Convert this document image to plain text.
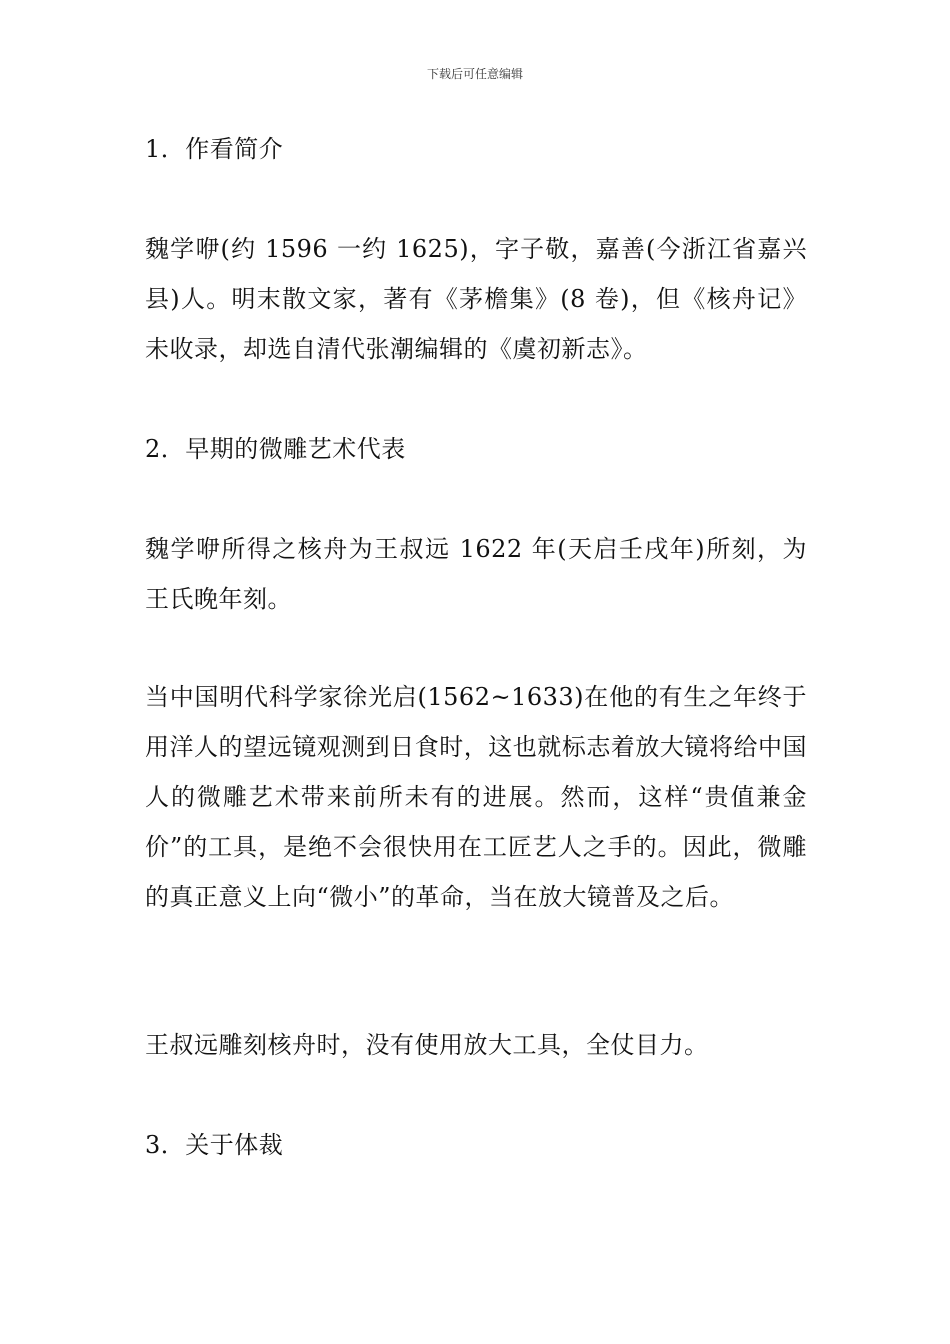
下载后可任意编辑

1．作看简介

魏学咿(约 1596 一约 1625)，字子敬，嘉善(今浙江省嘉兴县)人。明末散文家，著有《茅檐集》(8 卷)，但《核舟记》未收录，却选自清代张潮编辑的《虞初新志》。

2．早期的微雕艺术代表

魏学咿所得之核舟为王叔远 1622 年(天启壬戌年)所刻，为王氏晚年刻。

当中国明代科学家徐光启(1562~1633)在他的有生之年终于用洋人的望远镜观测到日食时，这也就标志着放大镜将给中国人的微雕艺术带来前所未有的进展。然而，这样“贵值兼金价”的工具，是绝不会很快用在工匠艺人之手的。因此，微雕的真正意义上向“微小”的革命，当在放大镜普及之后。

王叔远雕刻核舟时，没有使用放大工具，全仗目力。

3．关于体裁
